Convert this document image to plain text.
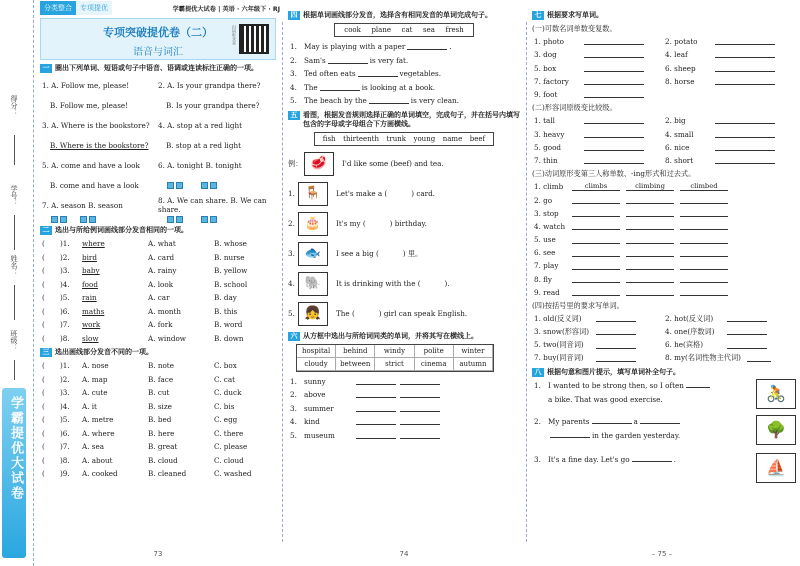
得分：
学号：
姓名：
班级：
学霸提优大试卷
分类整合	专项提优	学霸提优大试卷 | 英语 · 六年级下 · RJ
专项突破提优卷（二）
语音与词汇
扫码听录音
一 圈出下列单词、短语或句子中语音、语调或连读标注正确的一项。
1. A. Follow me, please!	2. A. Is your grandpa there?
B. Follow me, please!	B. Is your grandpa there?
3. A. Where is the bookstore?	4. A. stop at a red light
B. Where is the bookstore?	B. stop at a red light
5. A. come and have a look	6. A. tonight B. tonight
B. come and have a look

7. A. season B. season	8. A. We can share. B. We can share.

二 选出与所给例词画线部分发音相同的一项。
(	)1.	where	A. what	B. whose
(	)2.	bird	A. card	B. nurse
(	)3.	baby	A. rainy	B. yellow
(	)4.	food	A. look	B. school
(	)5.	rain	A. car	B. day
(	)6.	maths	A. month	B. this
(	)7.	work	A. fork	B. word
(	)8.	slow	A. window	B. down
三 选出画线部分发音不同的一项。
(	)1.	A. nose	B. note	C. box
(	)2.	A. map	B. face	C. cat
(	)3.	A. cute	B. cut	C. duck
(	)4.	A. it	B. size	C. bis
(	)5.	A. metre	B. bed	C. egg
(	)6.	A. where	B. here	C. there
(	)7.	A. sea	B. great	C. please
(	)8.	A. about	B. cloud	C. cloud
(	)9.	A. cooked	B. cleaned	C. washed
73
四 根据单词画线部分发音，选择含有相同发音的单词完成句子。
cook plane cat sea fresh
1. May is playing with a paper	.
2. Sam's	is very fat.
3. Ted often eats	vegetables.
4. The	is looking at a book.
5. The beach by the	is very clean.
五 看图，根据发音规则选择正确的单词填空，完成句子，并在括号内填写包含的字母或字母组合下方画横线。
fish thirteenth trunk young name beef
例： 🥩	I'd like some (beef) and tea.
1. 🪑	Let's make a (	) card.
2. 🎂	It's my (	) birthday.
3. 🐟	I see a big (	) 里。
4. 🐘	It is drinking with the (	).
5. 👧	The (	) girl can speak English.
六 从方框中选出与所给词同类的单词，并将其写在横线上。
hospital	behind	windy	polite	winter
cloudy	between	strict	cinema	autumn
1. sunny
2. above
3. summer
4. kind
5. museum
74
七 根据要求写单词。
(一)可数名词单数变复数。
1. photo	2. potato
3. dog	4. leaf
5. box	6. sheep
7. factory	8. horse
9. foot
(二)形容词原级变比较级。
1. tall	2. big
3. heavy	4. small
5. good	6. nice
7. thin	8. short
(三)动词原形变第三人称单数、-ing形式和过去式。
1. climb	climbs	climbing	climbed
2. go
3. stop
4. watch
5. use
6. see
7. play
8. fly
9. read
(四)按括号里的要求写单词。
1. old(反义词)	2. hot(反义词)
3. snow(形容词)	4. one(序数词)
5. two(同音词)	6. he(宾格)
7. buy(同音词)	8. my(名词性物主代词)
八 根据句意和图片提示，填写单词补全句子。
1. I wanted to be strong then, so I often
a bike. That was good exercise.	🚴
2. My parents	a
in the garden yesterday.	🌳
3. It's a fine day. Let's go	.	⛵
– 75 –
